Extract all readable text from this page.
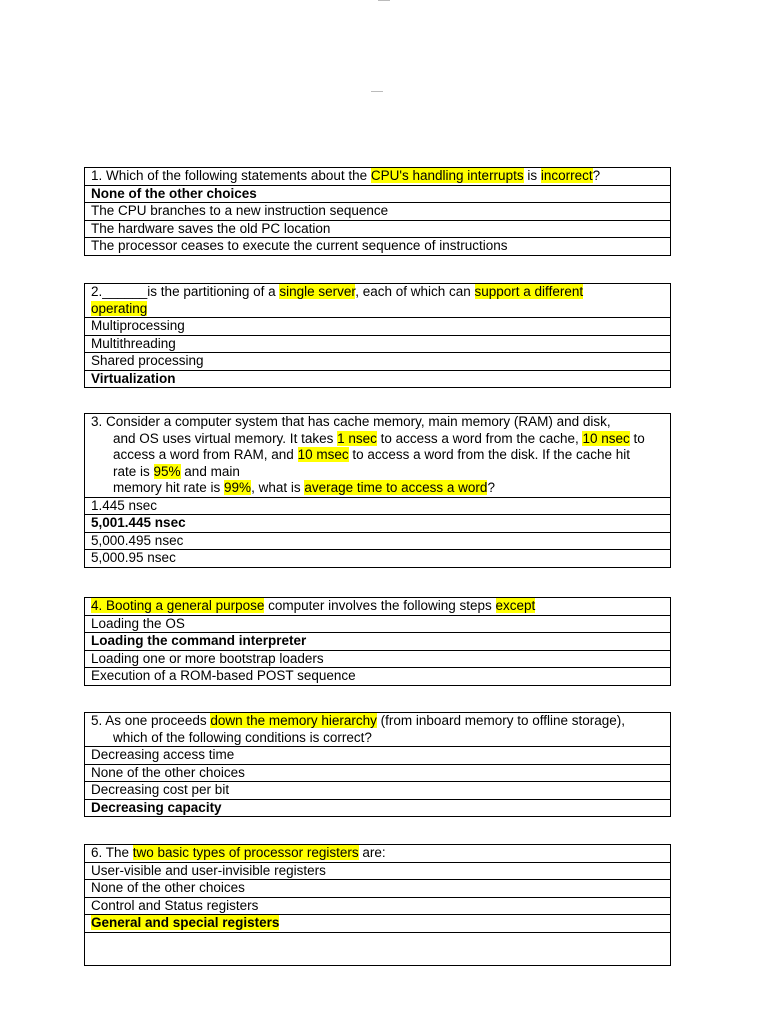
1. Which of the following statements about the CPU's handling interrupts is incorrect?
None of the other choices
The CPU branches to a new instruction sequence
The hardware saves the old PC location
The processor ceases to execute the current sequence of instructions
2.______is the partitioning of a single server, each of which can support a different
operating
Multiprocessing
Multithreading
Shared processing
Virtualization
3. Consider a computer system that has cache memory, main memory (RAM) and disk,
and OS uses virtual memory. It takes 1 nsec to access a word from the cache, 10 nsec to
access a word from RAM, and 10 msec to access a word from the disk. If the cache hit
rate is 95% and main
memory hit rate is 99%, what is average time to access a word?

1.445 nsec
5,001.445 nsec
5,000.495 nsec
5,000.95 nsec
4. Booting a general purpose computer involves the following steps except
Loading the OS
Loading the command interpreter
Loading one or more bootstrap loaders
Execution of a ROM-based POST sequence
5. As one proceeds down the memory hierarchy (from inboard memory to offline storage),
which of the following conditions is correct?

Decreasing access time
None of the other choices
Decreasing cost per bit
Decreasing capacity
6. The two basic types of processor registers are:
User-visible and user-invisible registers
None of the other choices
Control and Status registers
General and special registers
